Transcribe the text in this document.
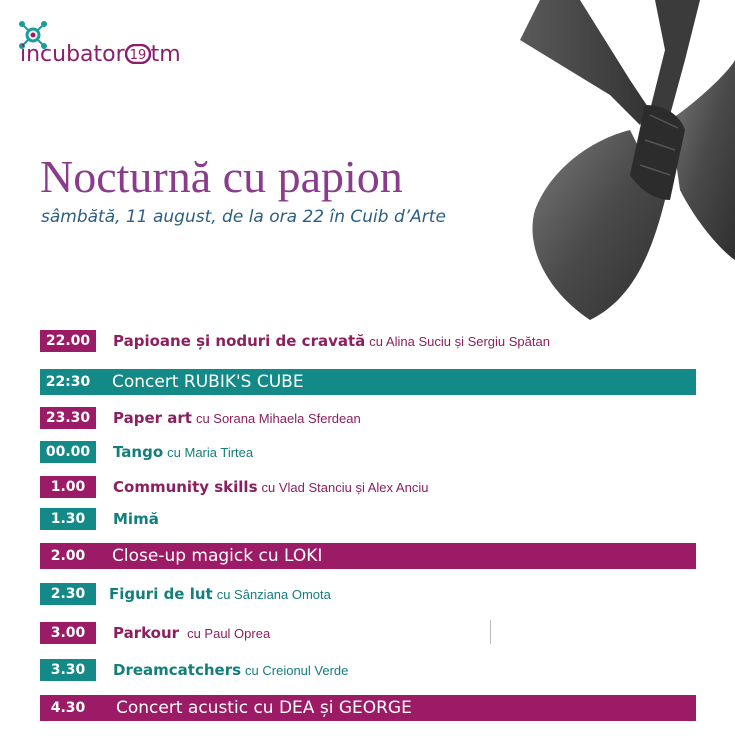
incubator 19 tm
Nocturnă cu papion
sâmbătă, 11 august, de la ora 22 în Cuib d’Arte
22.00	Papioane și noduri de cravată cu Alina Suciu și Sergiu Spătan
22:30	Concert RUBIK'S CUBE
23.30	Paper art cu Sorana Mihaela Sferdean
00.00	Tango cu Maria Tirtea
1.00	Community skills cu Vlad Stanciu și Alex Anciu
1.30	Mimă
2.00	Close-up magick cu LOKI
2.30	Figuri de lut cu Sânziana Omota
3.00	Parkour cu Paul Oprea
3.30	Dreamcatchers cu Creionul Verde
4.30	Concert acustic cu DEA și GEORGE
